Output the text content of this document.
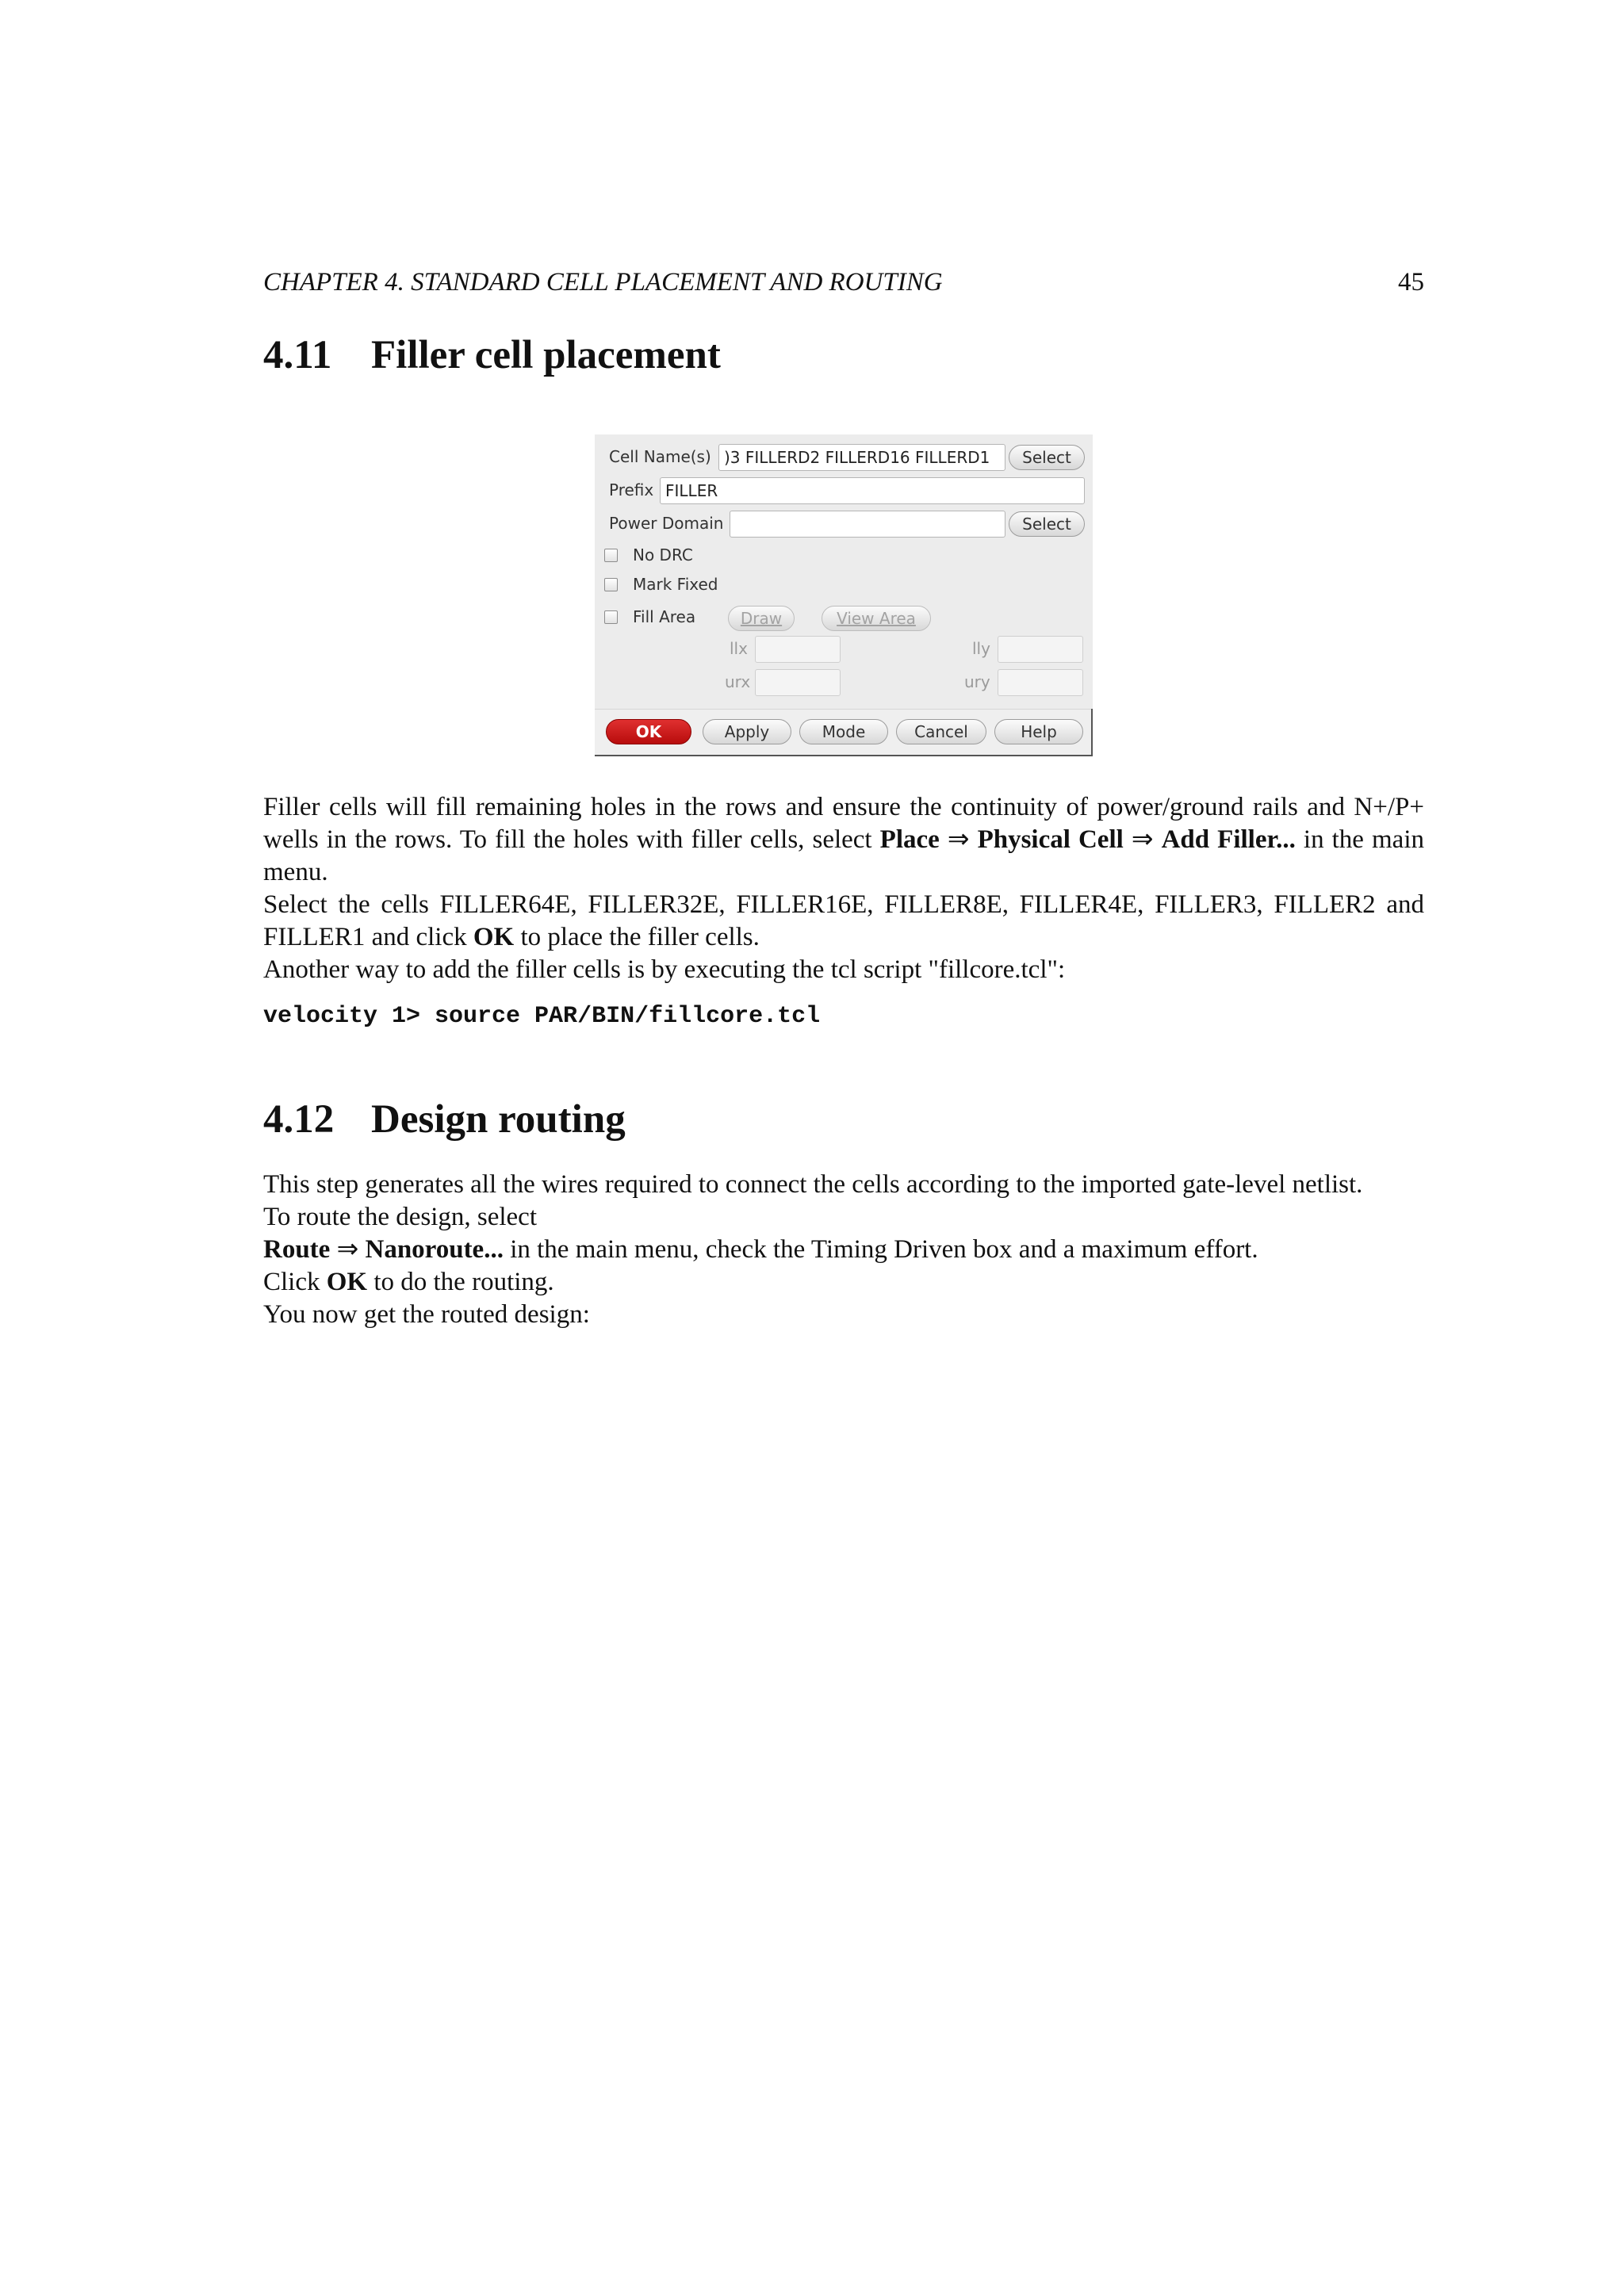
CHAPTER 4. STANDARD CELL PLACEMENT AND ROUTING	45
4.11 Filler cell placement
Cell Name(s) )3 FILLERD2 FILLERD16 FILLERD1	Select
Prefix FILLER
Power Domain	Select
No DRC
Mark Fixed
Fill Area	Draw	View Area
llx	lly
urx	ury
OK	Apply	Mode	Cancel	Help

Filler cells will fill remaining holes in the rows and ensure the continuity of power/ground rails and N+/P+ wells in the rows. To fill the holes with filler cells, select Place ⇒ Physical Cell ⇒ Add Filler... in the main menu.

Select the cells FILLER64E, FILLER32E, FILLER16E, FILLER8E, FILLER4E, FILLER3, FILLER2 and FILLER1 and click OK to place the filler cells.

Another way to add the filler cells is by executing the tcl script "fillcore.tcl":

velocity 1> source PAR/BIN/fillcore.tcl
4.12 Design routing

This step generates all the wires required to connect the cells according to the imported gate-level netlist.

To route the design, select

Route ⇒ Nanoroute... in the main menu, check the Timing Driven box and a maximum effort.

Click OK to do the routing.

You now get the routed design:
